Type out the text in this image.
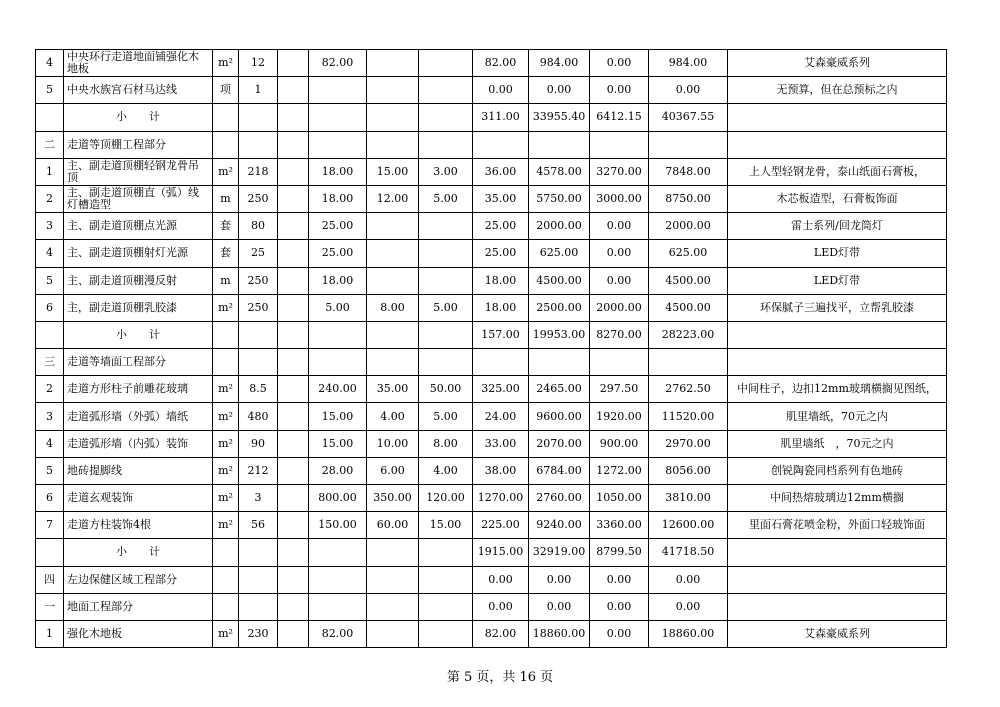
4	中央环行走道地面铺强化木地板	m²	12		82.00			82.00	984.00	0.00	984.00	艾森豪威系列
5	中央水族宫石材马达线	项	1					0.00	0.00	0.00	0.00	无预算，但在总预标之内
	小　　计							311.00	33955.40	6412.15	40367.55	
二	走道等顶棚工程部分											
1	主、副走道顶棚轻钢龙骨吊顶	m²	218		18.00	15.00	3.00	36.00	4578.00	3270.00	7848.00	上人型轻钢龙骨，泰山纸面石膏板，
2	主、副走道顶棚直（弧）线灯槽造型	m	250		18.00	12.00	5.00	35.00	5750.00	3000.00	8750.00	木芯板造型，石膏板饰面
3	主、副走道顶棚点光源	套	80		25.00			25.00	2000.00	0.00	2000.00	雷士系列/回龙筒灯
4	主、副走道顶棚射灯光源	套	25		25.00			25.00	625.00	0.00	625.00	LED灯带
5	主、副走道顶棚漫反射	m	250		18.00			18.00	4500.00	0.00	4500.00	LED灯带
6	主，副走道顶棚乳胶漆	m²	250		5.00	8.00	5.00	18.00	2500.00	2000.00	4500.00	环保腻子三遍找平，立帮乳胶漆
	小　　计							157.00	19953.00	8270.00	28223.00	
三	走道等墙面工程部分											
2	走道方形柱子前雕花玻璃	m²	8.5		240.00	35.00	50.00	325.00	2465.00	297.50	2762.50	中间柱子，边扣12mm玻璃横搁见图纸，
3	走道弧形墙（外弧）墙纸	m²	480		15.00	4.00	5.00	24.00	9600.00	1920.00	11520.00	肌里墙纸，70元之内
4	走道弧形墙（内弧）装饰	m²	90		15.00	10.00	8.00	33.00	2070.00	900.00	2970.00	肌里墙纸　，70元之内
5	地砖提脚线	m²	212		28.00	6.00	4.00	38.00	6784.00	1272.00	8056.00	创锐陶瓷同档系列有色地砖
6	走道玄观装饰	m²	3		800.00	350.00	120.00	1270.00	2760.00	1050.00	3810.00	中间热熔玻璃边12mm横搁
7	走道方柱装饰4根	m²	56		150.00	60.00	15.00	225.00	9240.00	3360.00	12600.00	里面石膏花喷金粉，外面口轻玻饰面
	小　　计							1915.00	32919.00	8799.50	41718.50	
四	左边保健区域工程部分							0.00	0.00	0.00	0.00	
一	地面工程部分							0.00	0.00	0.00	0.00	
1	强化木地板	m²	230		82.00			82.00	18860.00	0.00	18860.00	艾森豪威系列
第 5 页，共 16 页
